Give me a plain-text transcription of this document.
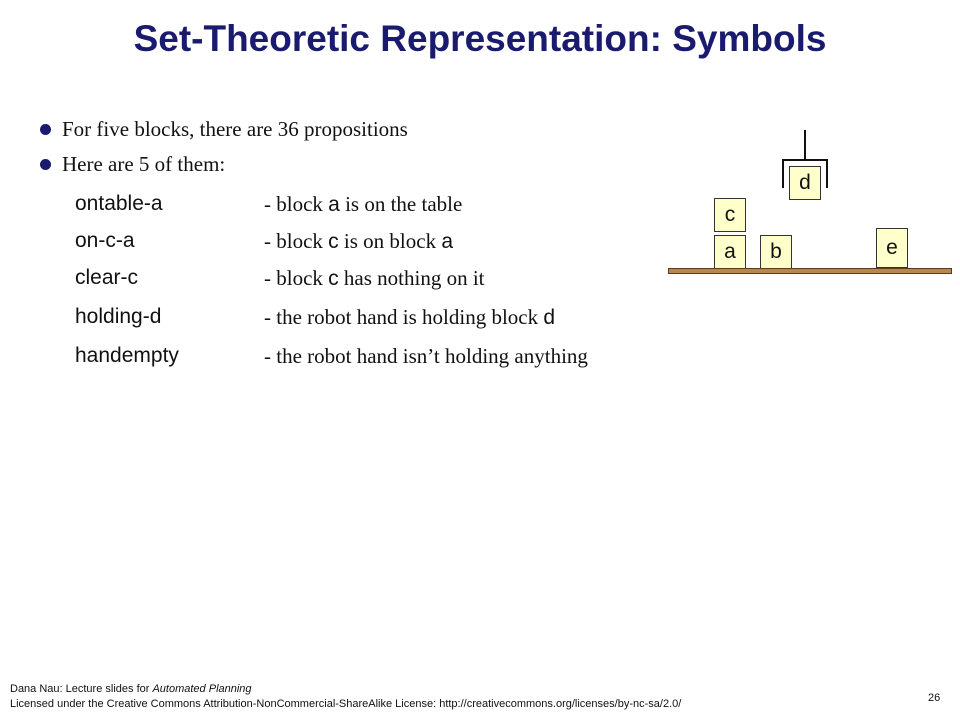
Set-Theoretic Representation: Symbols
For five blocks, there are 36 propositions
Here are 5 of them:
ontable-a	- block a is on the table
on-c-a	- block c is on block a
clear-c	- block c has nothing on it
holding-d	- the robot hand is holding block d
handempty	- the robot hand isn’t holding anything
d
c
a	b	e
Dana Nau: Lecture slides for Automated Planning
Licensed under the Creative Commons Attribution-NonCommercial-ShareAlike License: http://creativecommons.org/licenses/by-nc-sa/2.0/	26
